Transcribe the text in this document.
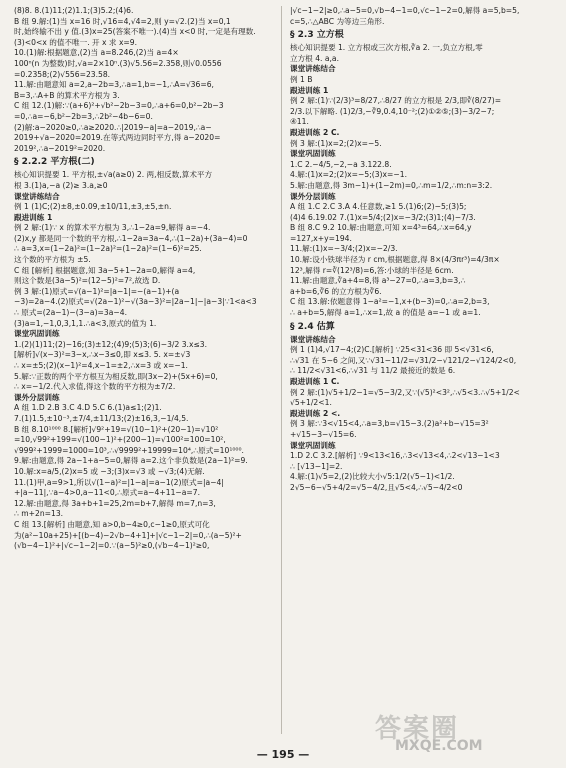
(8)8. 8.(1)11;(2)1.1;(3)5.2;(4)6.
B 组 9.解:(1)当 x=16 时,√16=4,√4=2,则 y=√2.(2)当 x=0,1
时,始终输不出 y 值.(3)x=25(答案不唯一).(4)当 x<0 时,一定是有理数.
(3)<0<x 的值不唯一. 开 x 求 x=9.
10.(1)解:根据题意,(2)当 a=8.246,(2)当 a=4×
100ⁿ(n 为整数)时,√a=2×10ⁿ.(3)√5.56=2.358,则√0.0556
=0.2358;(2)√556=23.58.
11.解:由题意知 a=2,a−2b=3,∴a=1,b=−1,∴A=√36=6,
B=3,∴A+B 的算术平方根为 3.
C 组 12.(1)解:∵(a+6)²+√b²−2b−3=0,∴a+6=0,b²−2b−3
=0,∴a=−6,b²−2b=3,∴2b²−4b−6=0.
(2)解:a−2020≥0,∴a≥2020.∴|2019−a|=a−2019,∴a−
2019+√a−2020=2019.在等式两边同时平方,得 a−2020=
2019²,∴a−2019²=2020.
§ 2.2.2 平方根(二)
核心知识提要 1. 平方根,±√a(a≥0) 2. 两,相反数,算术平方
根 3.(1)a,−a (2)≥ 3.a,≥0
课堂讲练结合
例 1 (1)C;(2)±8,±0.09,±10/11,±3,±5,±n.
跟进训练 1
例 2 解:(1)∵ x 的算术平方根为 3,∴1−2a=9,解得 a=−4.
(2)x,y 都是同一个数的平方根,∴1−2a=3a−4,∴(1−2a)+(3a−4)=0
∴ a=3,x=(1−2a)²=(1−2a)²=(1−2a)²=(1−6)²=25.
这个数的平方根为 ±5.
C 组 [解析] 根据题意,知 3a−5+1−2a=0,解得 a=4,
则这个数是(3a−5)²=(12−5)²=7²,故选 D.
例 3 解:(1)原式=√(a−1)²=|a−1|=−(a−1)+(a
−3)=2a−4.(2)原式=√(2a−1)²−√(3a−3)²=|2a−1|−|a−3|∵1<a<3
∴ 原式=(2a−1)−(3−a)=3a−4.
(3)a=1,−1,0,3,1,1.∴a<3,原式的值为 1.
课堂巩固训练
1.(2)(1)11;(2)−16;(3)±12;(4)9;(5)3;(6)−3/2 3.x≤3.
[解析]√(x−3)²=3−x,∴x−3≤0,即 x≤3. 5. x=±√3
∴ x=±5;(2)(x−1)²=4,x−1=±2,∴x=3 或 x=−1.
5.解:∵正数的两个平方根互为相反数,即(3x−2)+(5x+6)=0,
∴ x=−1/2.代入求值,得这个数的平方根为±7/2.
课外分层训练
A 组 1.D 2.B 3.C 4.D 5.C 6.(1)a≤1;(2)1.
7.(1)1.5,±10⁻³,±7/4,±11/13;(2)±16,3,−1/4,5.
B 组 8.10¹⁰⁰⁰ 8.[解析]√9²+19=√(10−1)²+(20−1)=√10²
=10,√99²+199=√(100−1)²+(200−1)=√100²=100=10²,
√999²+1999=1000=10³,∴√9999²+19999=10⁴,∴原式=10¹⁰⁰⁰.
9.解:由题意,得 2a−1+a−5=0,解得 a=2.这个非负数是(2a−1)²=9.
10.解:x=a/5,(2)x=5 或 −3;(3)x=√3 或 −√3;(4)无解.
11.(1)甲,a=9>1,所以√(1−a)²=|1−a|=a−1(2)原式=|a−4|
+|a−11|,∵a−4>0,a−11<0,∴原式=a−4+11−a=7.
12.解:由题意,得 3a+b+1=25,2m=b+7,解得 m=7,n=3,
∴ m+2n=13.
C 组 13.[解析] 由题意,知 a>0,b−4≥0,c−1≥0,原式可化
为(a²−10a+25)+[(b−4)−2√b−4+1]+|√c−1−2|=0,∴(a−5)²+
(√b−4−1)²+|√c−1−2|=0.∵(a−5)²≥0,(√b−4−1)²≥0,
|√c−1−2|≥0,∴a−5=0,√b−4−1=0,√c−1−2=0,解得 a=5,b=5,
c=5,∴△ABC 为等边三角形.
§ 2.3 立方根
核心知识提要 1. 立方根或三次方根,∛a 2. 一,负立方根,零
立方根 4. a,a.
课堂讲练结合
例 1 B
跟进训练 1
例 2 解:(1)∵(2/3)³=8/27,∴8/27 的立方根是 2/3,即∛(8/27)=
2/3.以下解略. (1)2/3,−∛9,0.4,10⁻²;(2)①②⑤;(3)−3/2−7;
④11.
跟进训练 2 C.
例 3 解:(1)x=2;(2)x=−5.
课堂巩固训练
1.C 2.−4/5,−2,−a 3.122.8.
4.解:(1)x=2;(2)x=−5;(3)x=−1.
5.解:由题意,得 3m−1)+(1−2m)=0,∴m=1/2,∴m:n=3:2.
课外分层训练
A 组 1.C 2.C 3.A 4.任意数,≥1 5.(1)6;(2)−5;(3)5;
(4)4 6.19.02 7.(1)x=5/4;(2)x=−3/2;(3)1;(4)−7/3.
B 组 8.C 9.2 10.解:由题意,可知 x=4³=64,∴x=64,y
=127,x+y=194.
11.解:(1)x=−3/4;(2)x=−2/3.
10.解:设小铁球半径为 r cm,根据题意,得 8×(4/3πr³)=4/3π×
12³,解得 r=∛(12³/8)=6,答:小球的半径是 6cm.
11.解:由题意,∛a+4=8,得 a³−27=0,∴a=3,b=3,∴
a+b=6,∛6 的立方根为∛6.
C 组 13.解:依题意得 1−a²=−1,x+(b−3)=0,∴a=2,b=3,
∴ a+b=5,解得 a=1,∴x=1,故 a 的值是 a=−1 或 a=1.
§ 2.4 估算
课堂讲练结合
例 1 (1)4,√17−4;(2)C.[解析] ∵25<31<36 即 5<√31<6,
∴√31 在 5~6 之间,又∵√31−11/2=√31/2−√121/2−√124/2<0,
∴ 11/2<√31<6,∴√31 与 11/2 最接近的数是 6.
跟进训练 1 C.
例 2 解:(1)√5+1/2−1=√5−3/2,又∵(√5)²<3²,∴√5<3.∴√5+1/2<
√5+1/2<1.
跟进训练 2 <.
例 3 解:∵3<√15<4,∴a=3,b=√15−3.(2)a²+b−√15=3²
+√15−3−√15=6.
课堂巩固训练
1.D 2.C 3.2.[解析] ∵9<13<16,∴3<√13<4,∴2<√13−1<3
∴ [√13−1]=2.
4.解:(1)√5=2,(2)比较大小√5:1/2(√5−1)<1/2.
2√5−6−√5+4/2=√5−4/2,且√5<4,∴√5−4/2<0
— 195 —
答案圈
MXQE.COM
